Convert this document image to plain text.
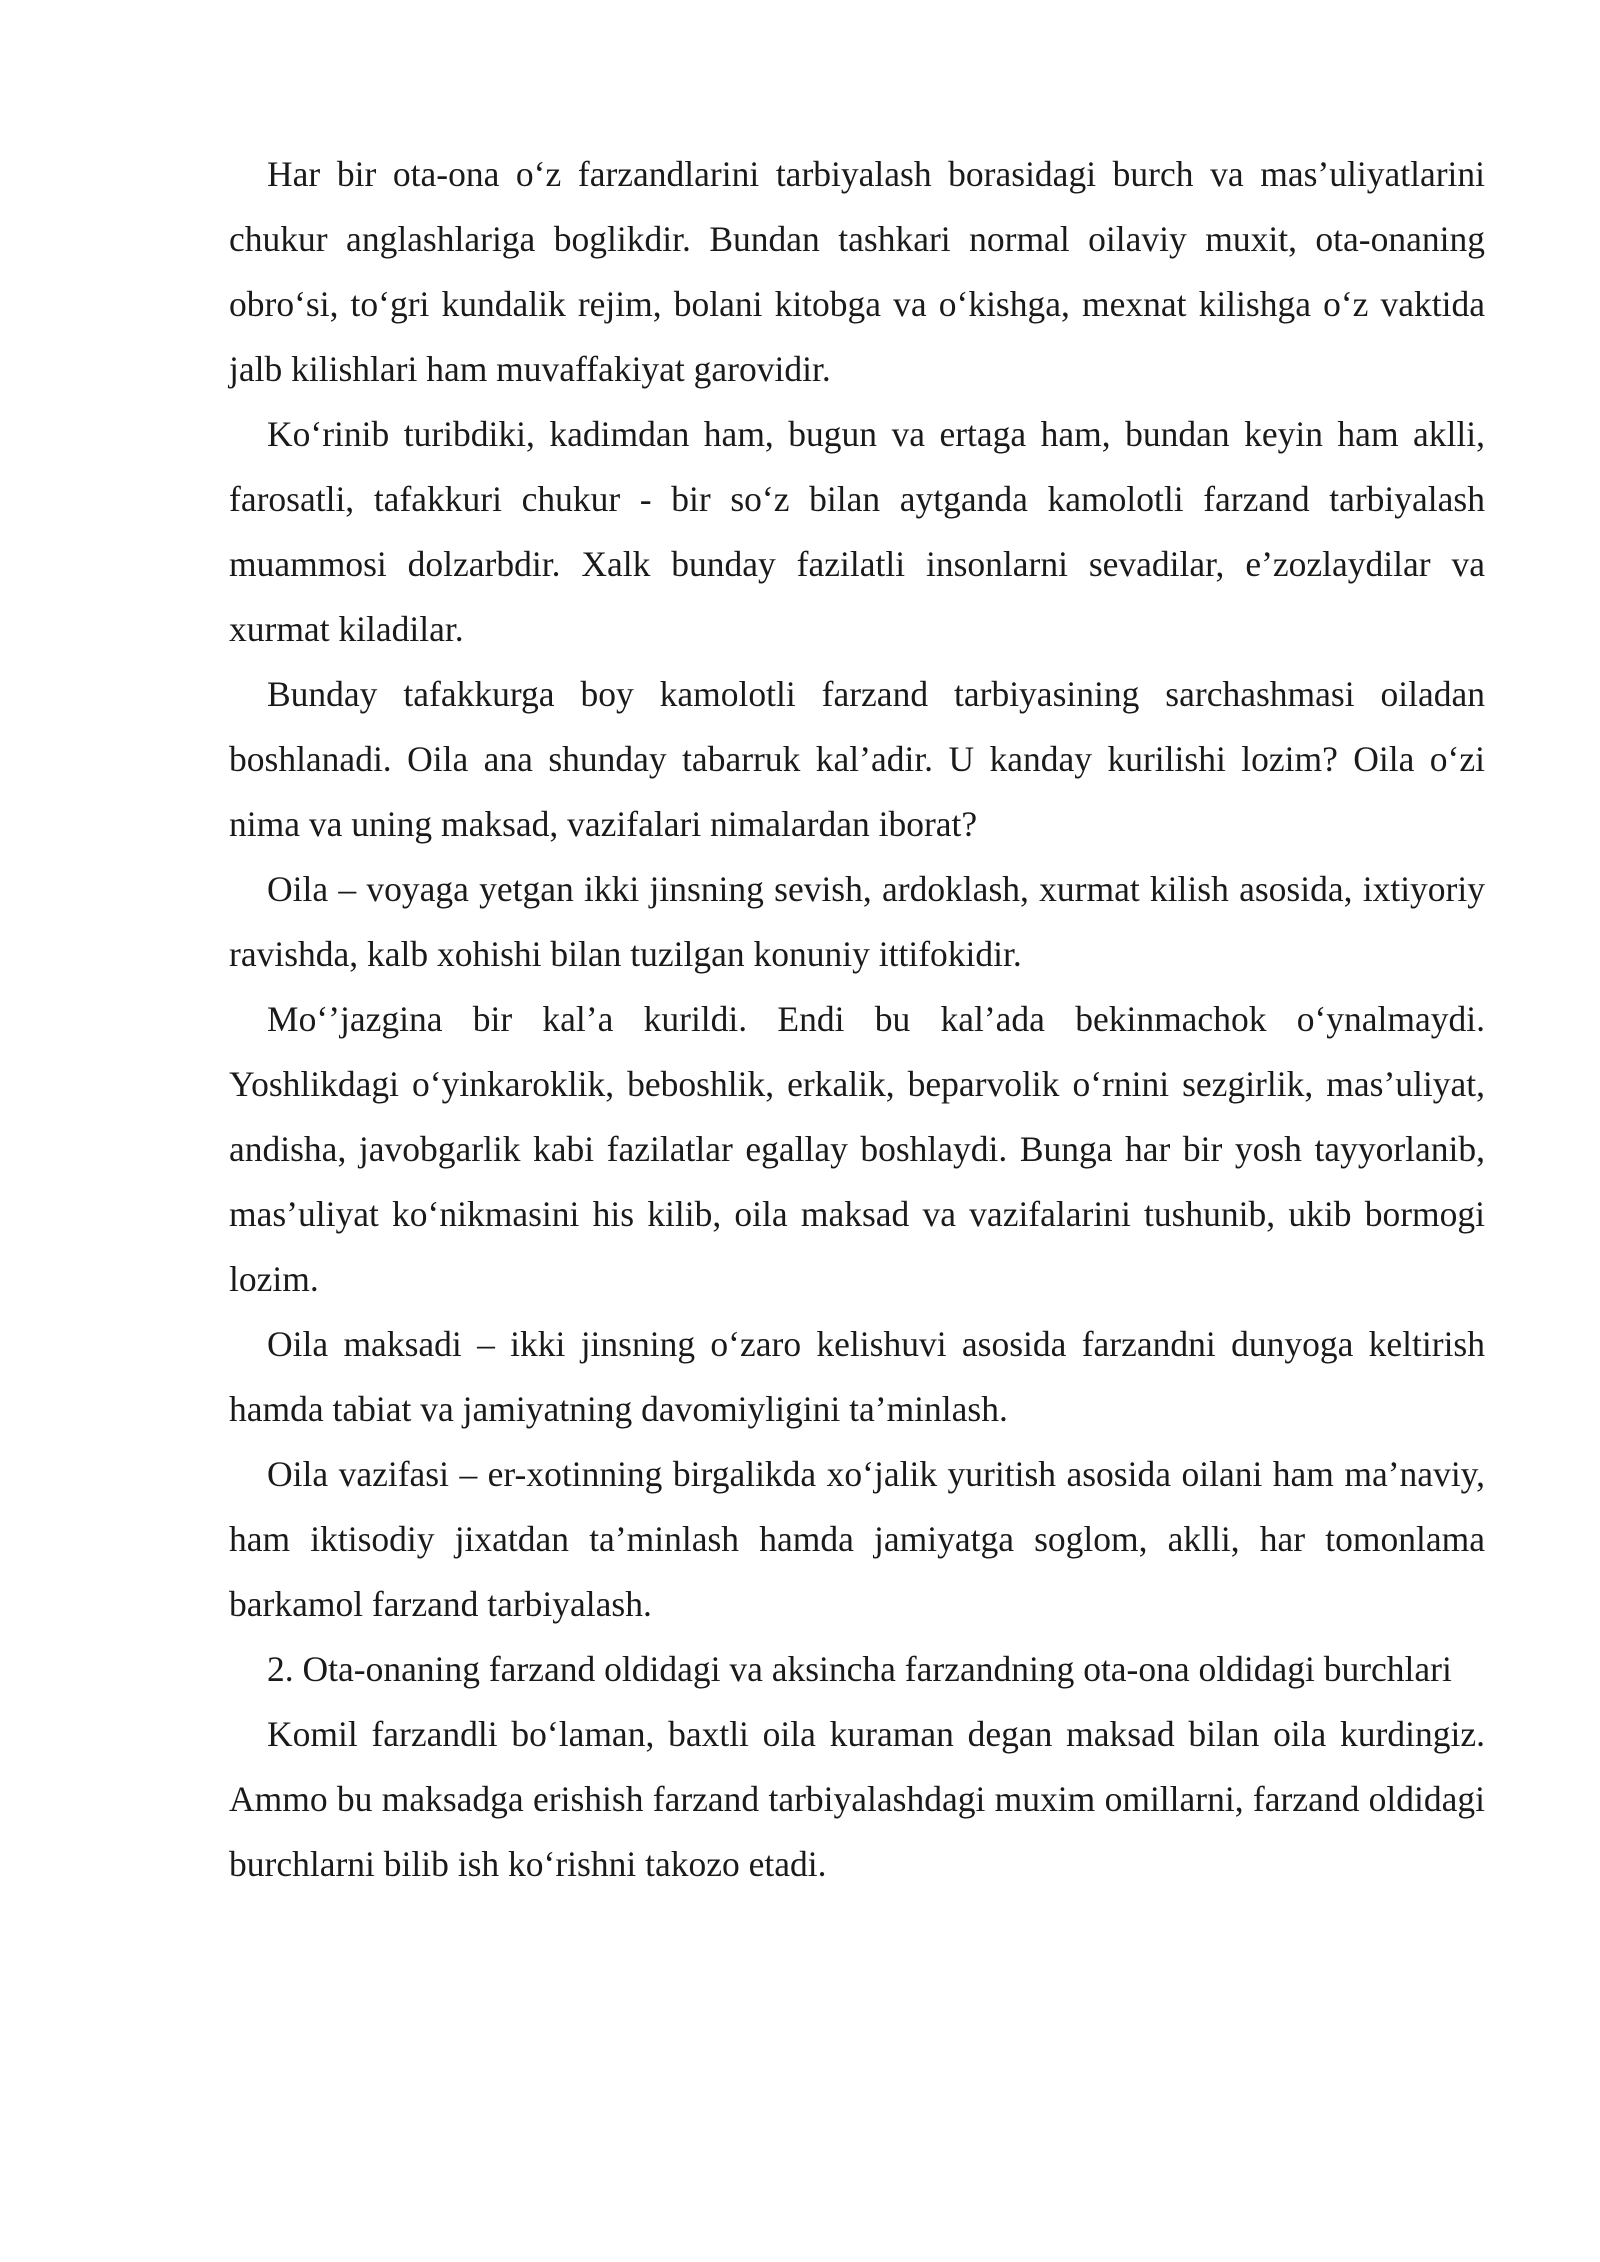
Har bir ota-ona o‘z farzandlarini tarbiyalash borasidagi burch va mas’uliyatlarini chukur anglashlariga boglikdir. Bundan tashkari normal oilaviy muxit, ota-onaning obro‘si, to‘gri kundalik rejim, bolani kitobga va o‘kishga, mexnat kilishga o‘z vaktida jalb kilishlari ham muvaffakiyat garovidir.

Ko‘rinib turibdiki, kadimdan ham, bugun va ertaga ham, bundan keyin ham aklli, farosatli, tafakkuri chukur - bir so‘z bilan aytganda kamolotli farzand tarbiyalash muammosi dolzarbdir. Xalk bunday fazilatli insonlarni sevadilar, e’zozlaydilar va xurmat kiladilar.

Bunday tafakkurga boy kamolotli farzand tarbiyasining sarchashmasi oiladan boshlanadi. Oila ana shunday tabarruk kal’adir. U kanday kurilishi lozim? Oila o‘zi nima va uning maksad, vazifalari nimalardan iborat?

Oila – voyaga yetgan ikki jinsning sevish, ardoklash, xurmat kilish asosida, ixtiyoriy ravishda, kalb xohishi bilan tuzilgan konuniy ittifokidir.

Mo‘’jazgina bir kal’a kurildi. Endi bu kal’ada bekinmachok o‘ynalmaydi. Yoshlikdagi o‘yinkaroklik, beboshlik, erkalik, beparvolik o‘rnini sezgirlik, mas’uliyat, andisha, javobgarlik kabi fazilatlar egallay boshlaydi. Bunga har bir yosh tayyorlanib, mas’uliyat ko‘nikmasini his kilib, oila maksad va vazifalarini tushunib, ukib bormogi lozim.

Oila maksadi – ikki jinsning o‘zaro kelishuvi asosida farzandni dunyoga keltirish hamda tabiat va jamiyatning davomiyligini ta’minlash.

Oila vazifasi – er-xotinning birgalikda xo‘jalik yuritish asosida oilani ham ma’naviy, ham iktisodiy jixatdan ta’minlash hamda jamiyatga soglom, aklli, har tomonlama barkamol farzand tarbiyalash.

2. Ota-onaning farzand oldidagi va aksincha farzandning ota-ona oldidagi burchlari

Komil farzandli bo‘laman, baxtli oila kuraman degan maksad bilan oila kurdingiz. Ammo bu maksadga erishish farzand tarbiyalashdagi muxim omillarni, farzand oldidagi burchlarni bilib ish ko‘rishni takozo etadi.
